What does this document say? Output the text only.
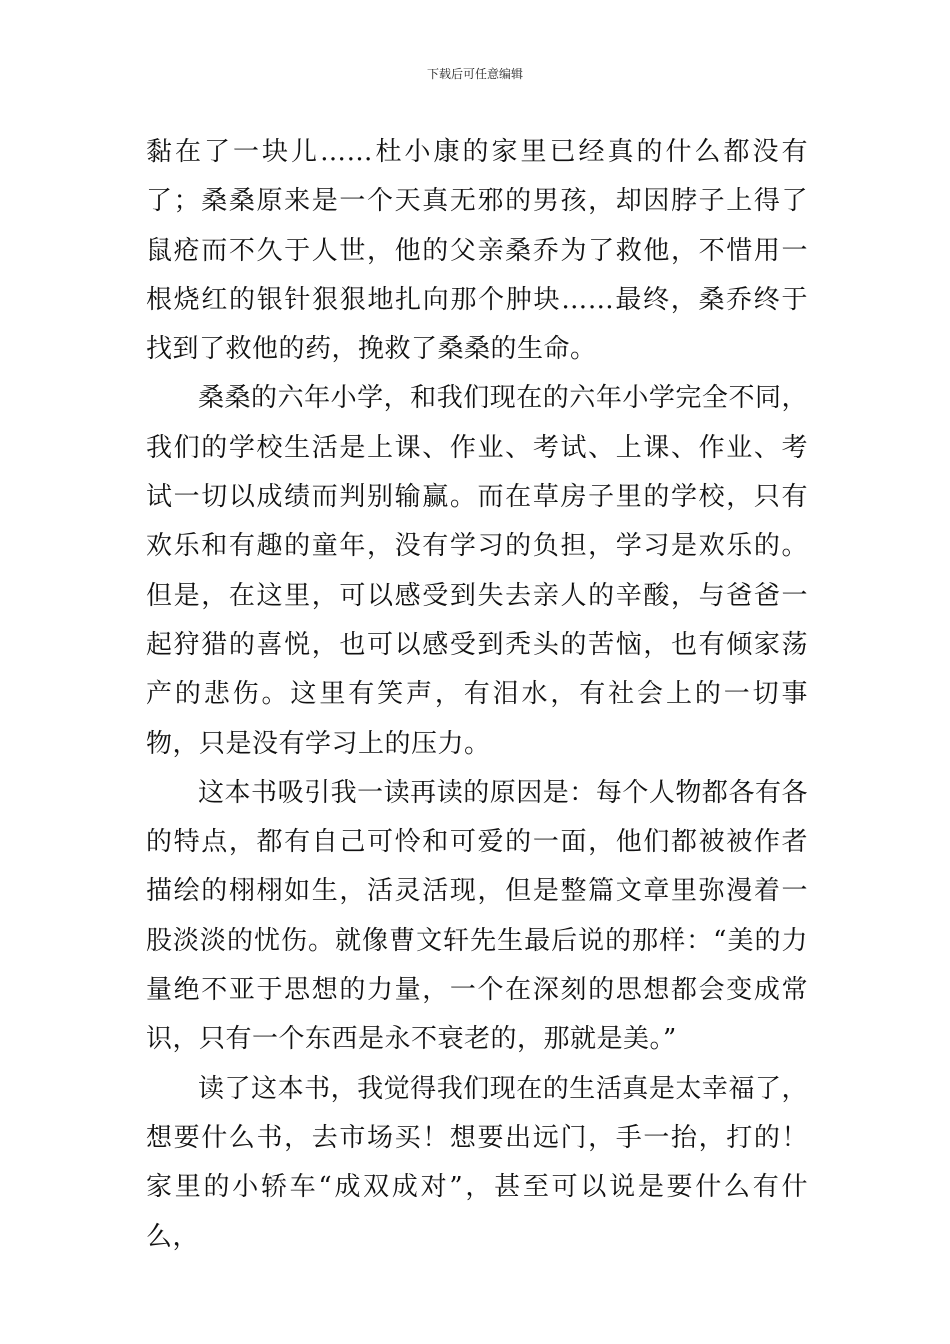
下载后可任意编辑

黏在了一块儿……杜小康的家里已经真的什么都没有了；桑桑原来是一个天真无邪的男孩，却因脖子上得了鼠疮而不久于人世，他的父亲桑乔为了救他，不惜用一根烧红的银针狠狠地扎向那个肿块……最终，桑乔终于找到了救他的药，挽救了桑桑的生命。

桑桑的六年小学，和我们现在的六年小学完全不同，我们的学校生活是上课、作业、考试、上课、作业、考试一切以成绩而判别输赢。而在草房子里的学校，只有欢乐和有趣的童年，没有学习的负担，学习是欢乐的。但是，在这里，可以感受到失去亲人的辛酸，与爸爸一起狩猎的喜悦，也可以感受到秃头的苦恼，也有倾家荡产的悲伤。这里有笑声，有泪水，有社会上的一切事物，只是没有学习上的压力。

这本书吸引我一读再读的原因是：每个人物都各有各的特点，都有自己可怜和可爱的一面，他们都被被作者描绘的栩栩如生，活灵活现，但是整篇文章里弥漫着一股淡淡的忧伤。就像曹文轩先生最后说的那样：“美的力量绝不亚于思想的力量，一个在深刻的思想都会变成常识，只有一个东西是永不衰老的，那就是美。”

读了这本书，我觉得我们现在的生活真是太幸福了，想要什么书，去市场买！想要出远门，手一抬，打的！家里的小轿车“成双成对”，甚至可以说是要什么有什么，
